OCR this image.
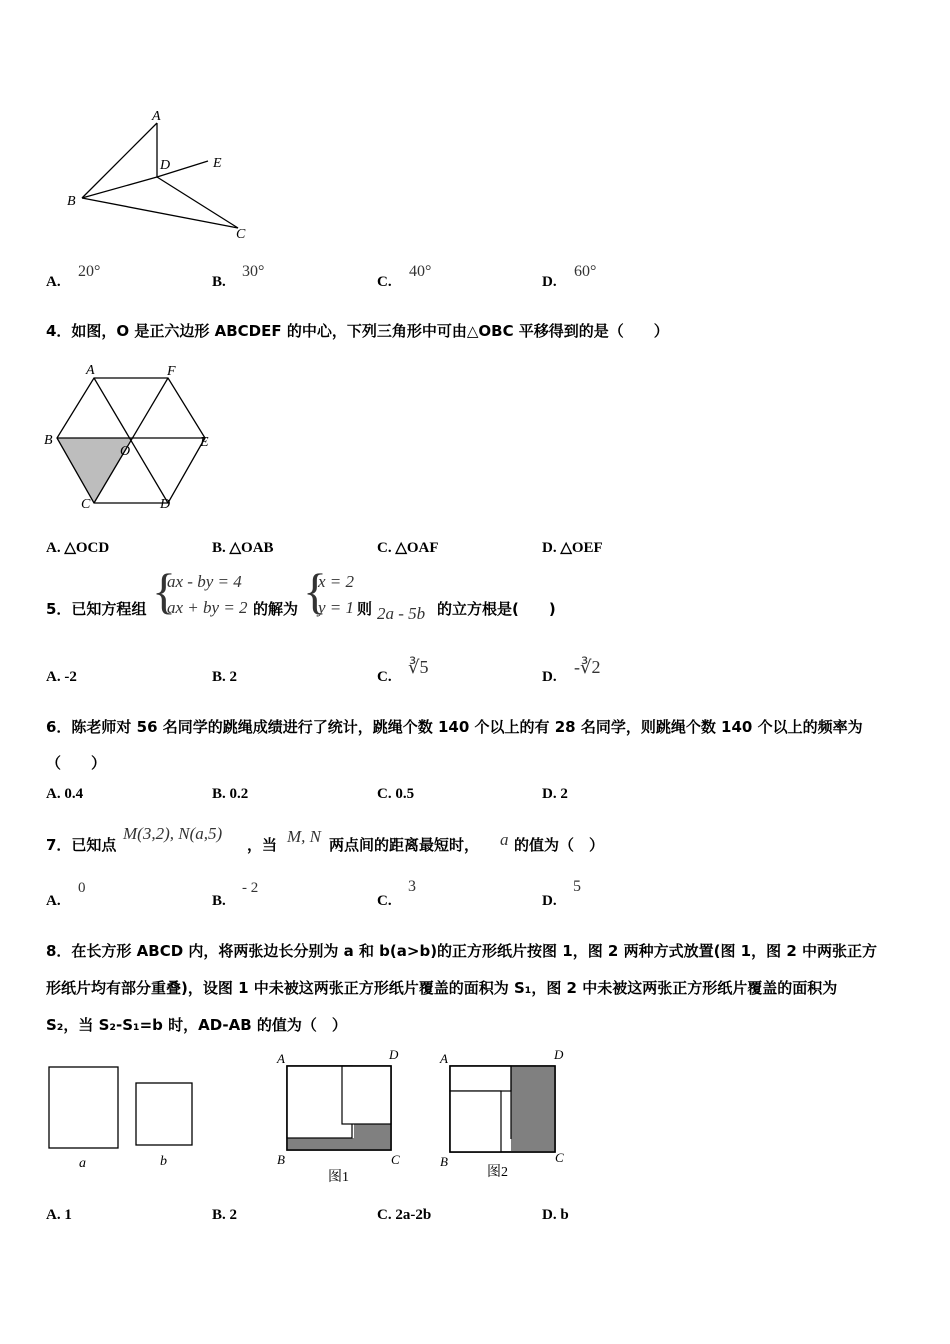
A
D	E
B
C
A.
20°
B.
30°
C.
40°
D.
60°
4．如图，O 是正六边形 ABCDEF 的中心，下列三角形中可由△OBC 平移得到的是（　　）
A	F
B
O
E
C	D
A. △OCD	B. △OAB	C. △OAF	D. △OEF
5．已知方程组 {
ax - by = 4
ax + by = 2 的解为 {
x = 2
y = 1 则 2a - 5b 的立方根是(　　)
A. -2	B. 2	C. ∛5	D. -∛2
6．陈老师对 56 名同学的跳绳成绩进行了统计，跳绳个数 140 个以上的有 28 名同学，则跳绳个数 140 个以上的频率为
（　　）
A. 0.4	B. 0.2	C. 0.5	D. 2
7．已知点
M(3,2), N(a,5)
，当 M, N 两点间的距离最短时， a 的值为（　）
A.
0
B.
- 2
C.
3
D.
5
8．在长方形 ABCD 内，将两张边长分别为 a 和 b(a>b)的正方形纸片按图 1，图 2 两种方式放置(图 1，图 2 中两张正方
形纸片均有部分重叠)，设图 1 中未被这两张正方形纸片覆盖的面积为 S₁，图 2 中未被这两张正方形纸片覆盖的面积为
S₂，当 S₂-S₁=b 时，AD-AB 的值为（　）
a	b
A	D
B	C
图1
A	D
B	C
图2
A. 1	B. 2	C. 2a-2b	D. b
